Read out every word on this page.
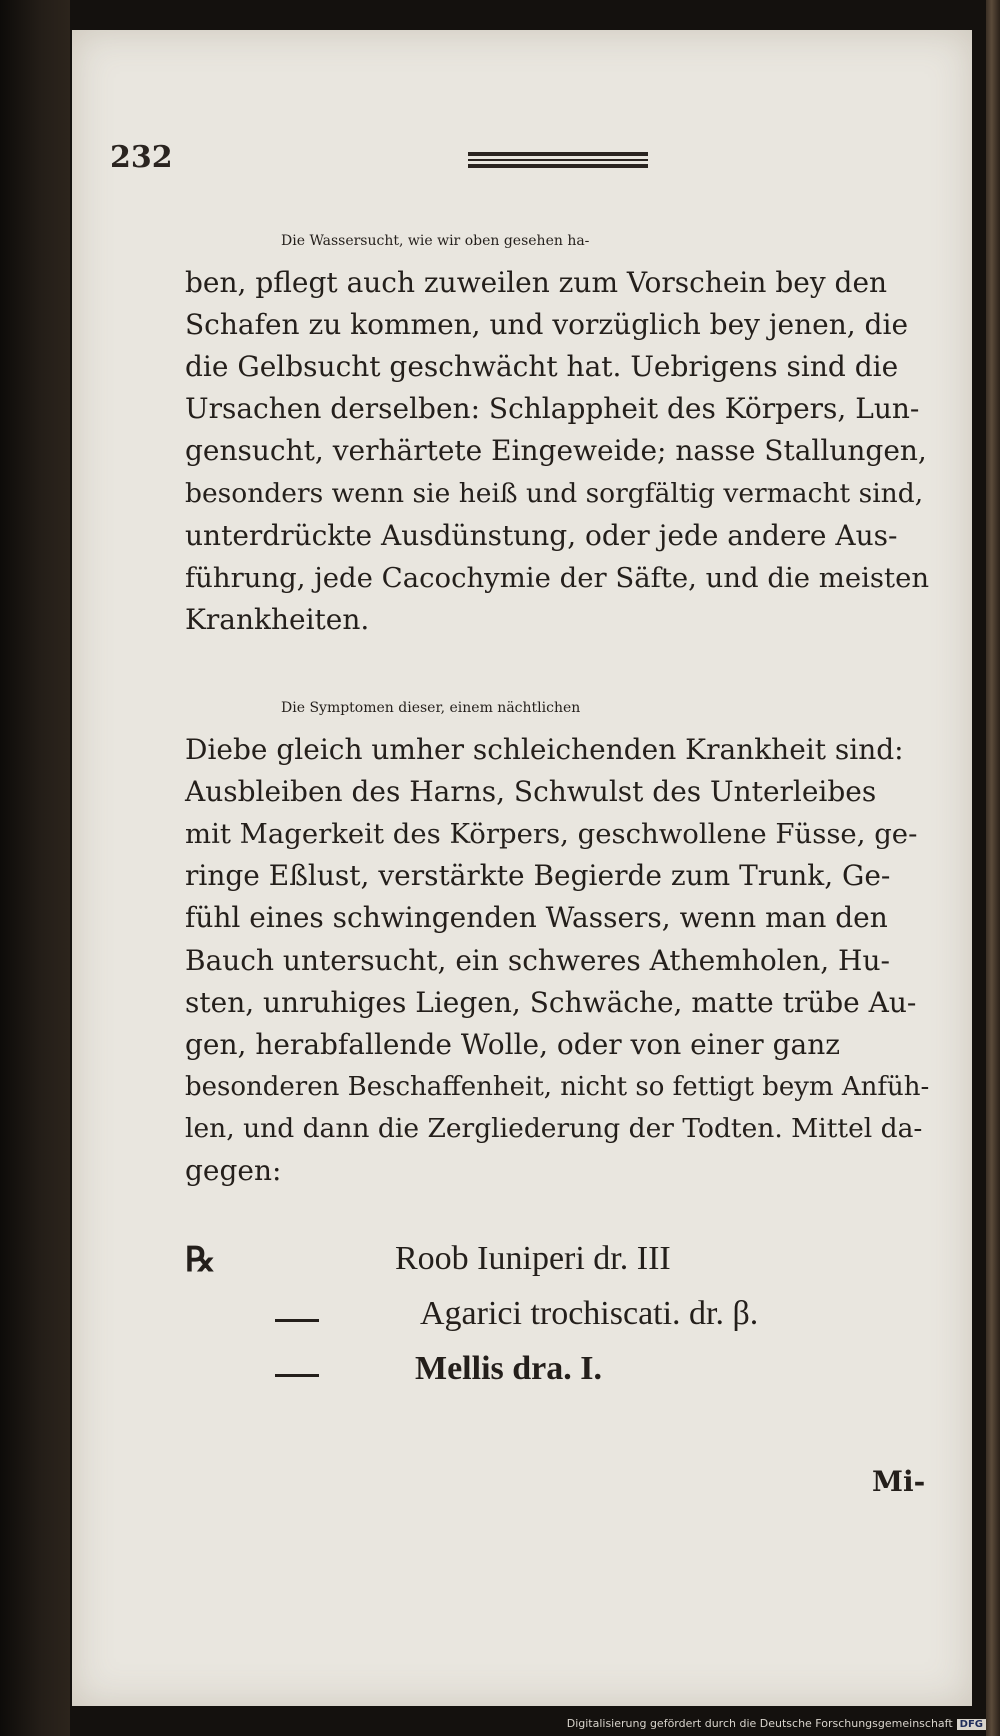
232
Die Wassersucht, wie wir oben gesehen ha-
ben, pflegt auch zuweilen zum Vorschein bey den
Schafen zu kommen, und vorzüglich bey jenen, die
die Gelbsucht geschwächt hat. Uebrigens sind die
Ursachen derselben: Schlappheit des Körpers, Lun-
gensucht, verhärtete Eingeweide; nasse Stallungen,
besonders wenn sie heiß und sorgfältig vermacht sind,
unterdrückte Ausdünstung, oder jede andere Aus-
führung, jede Cacochymie der Säfte, und die meisten
Krankheiten.
Die Symptomen dieser, einem nächtlichen
Diebe gleich umher schleichenden Krankheit sind:
Ausbleiben des Harns, Schwulst des Unterleibes
mit Magerkeit des Körpers, geschwollene Füsse, ge-
ringe Eßlust, verstärkte Begierde zum Trunk, Ge-
fühl eines schwingenden Wassers, wenn man den
Bauch untersucht, ein schweres Athemholen, Hu-
sten, unruhiges Liegen, Schwäche, matte trübe Au-
gen, herabfallende Wolle, oder von einer ganz
besonderen Beschaffenheit, nicht so fettigt beym Anfüh-
len, und dann die Zergliederung der Todten. Mittel da-
gegen:
℞	Roob Iuniperi dr. III
Agarici trochiscati. dr. β.
Mellis dra. I.
Mi-
Digitalisierung gefördert durch die Deutsche Forschungsgemeinschaft DFG
